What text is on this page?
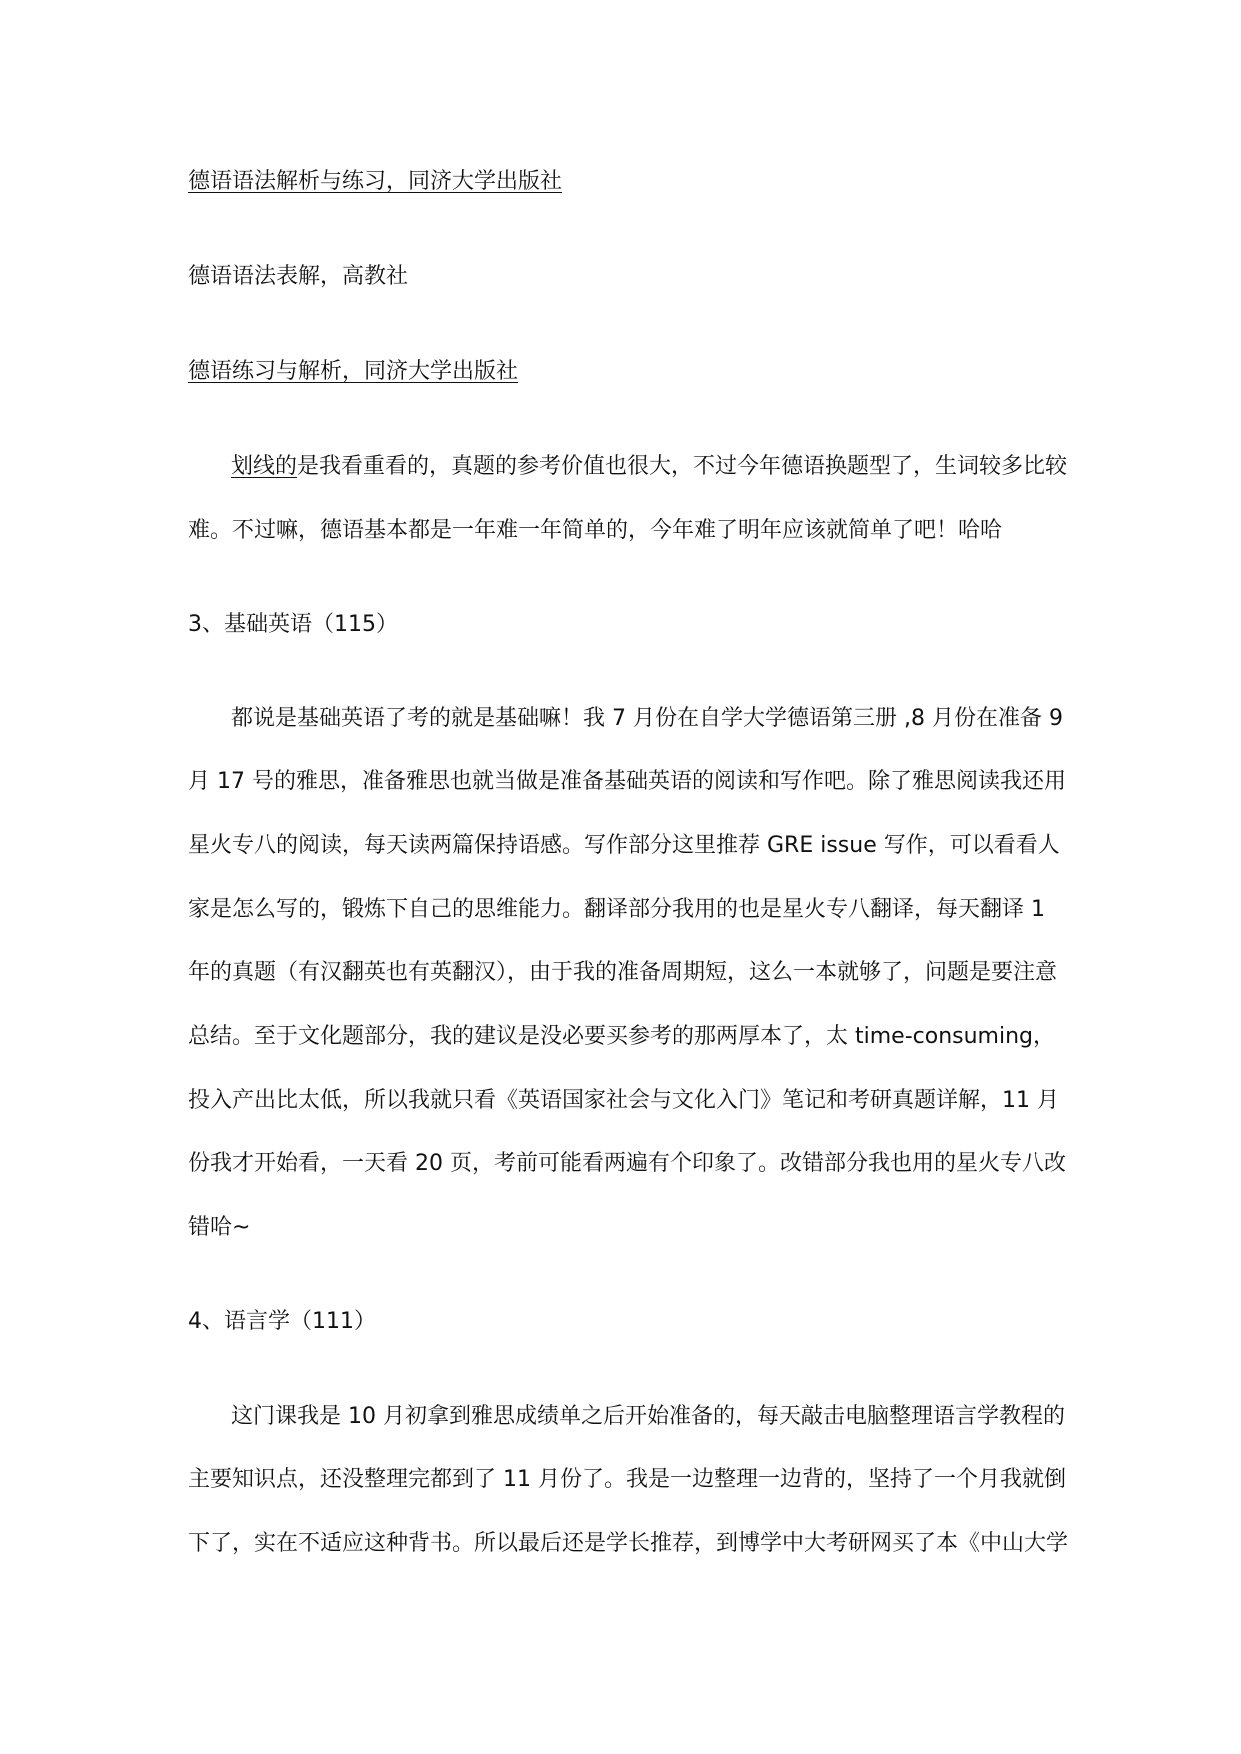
德语语法解析与练习，同济大学出版社
德语语法表解，高教社
德语练习与解析，同济大学出版社
划线的是我看重看的，真题的参考价值也很大，不过今年德语换题型了，生词较多比较
难。不过嘛，德语基本都是一年难一年简单的，今年难了明年应该就简单了吧！哈哈
3、基础英语（115）
都说是基础英语了考的就是基础嘛！我 7 月份在自学大学德语第三册 ,8 月份在准备 9
月 17 号的雅思，准备雅思也就当做是准备基础英语的阅读和写作吧。除了雅思阅读我还用
星火专八的阅读，每天读两篇保持语感。写作部分这里推荐 GRE issue 写作，可以看看人
家是怎么写的，锻炼下自己的思维能力。翻译部分我用的也是星火专八翻译，每天翻译 1
年的真题（有汉翻英也有英翻汉），由于我的准备周期短，这么一本就够了，问题是要注意
总结。至于文化题部分，我的建议是没必要买参考的那两厚本了，太 time-consuming，
投入产出比太低，所以我就只看《英语国家社会与文化入门》笔记和考研真题详解，11 月
份我才开始看，一天看 20 页，考前可能看两遍有个印象了。改错部分我也用的星火专八改
错哈~
4、语言学（111）
这门课我是 10 月初拿到雅思成绩单之后开始准备的，每天敲击电脑整理语言学教程的
主要知识点，还没整理完都到了 11 月份了。我是一边整理一边背的，坚持了一个月我就倒
下了，实在不适应这种背书。所以最后还是学长推荐，到博学中大考研网买了本《中山大学
